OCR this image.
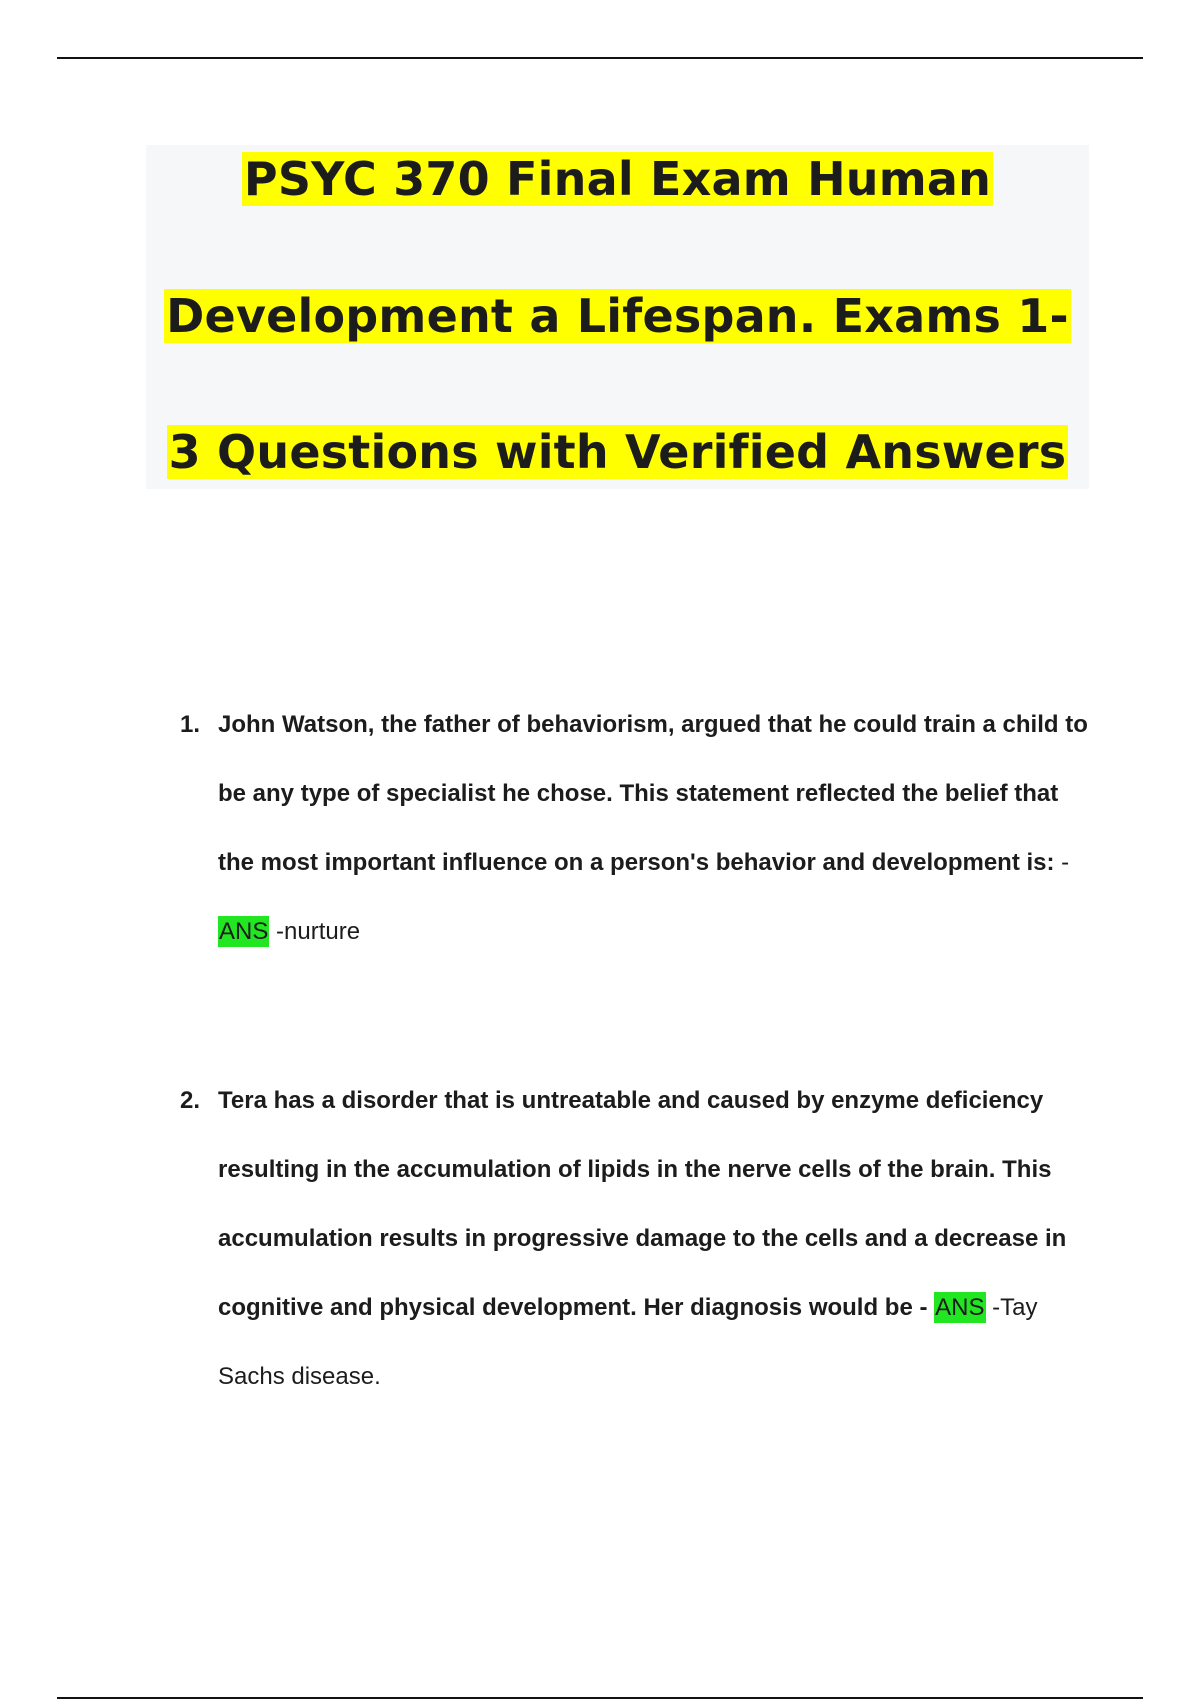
PSYC 370 Final Exam Human
Development a Lifespan. Exams 1-
3 Questions with Verified Answers
1. John Watson, the father of behaviorism, argued that he could train a child to be any type of specialist he chose. This statement reflected the belief that the most important influence on a person's behavior and development is: - ANS -nurture
2. Tera has a disorder that is untreatable and caused by enzyme deficiency resulting in the accumulation of lipids in the nerve cells of the brain. This accumulation results in progressive damage to the cells and a decrease in cognitive and physical development. Her diagnosis would be - ANS -Tay Sachs disease.
